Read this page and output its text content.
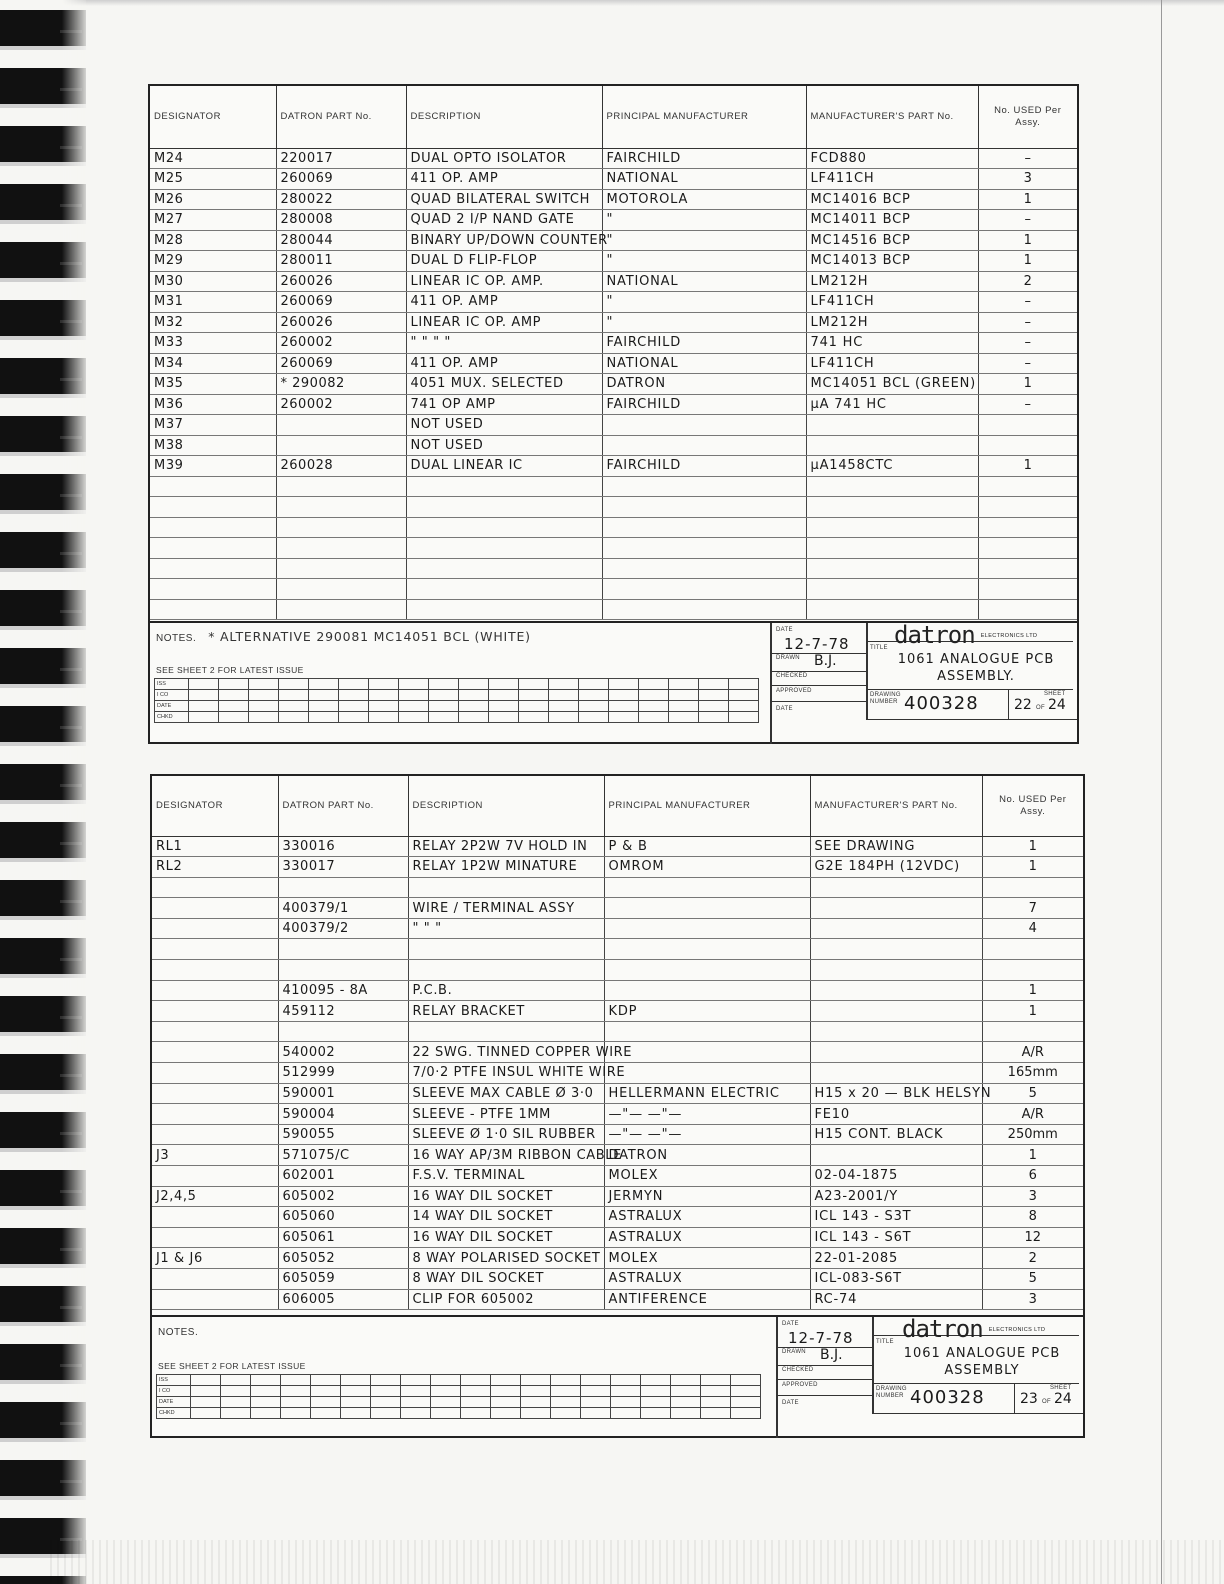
DESIGNATOR	DATRON PART No.	DESCRIPTION	PRINCIPAL MANUFACTURER	MANUFACTURER'S PART No.	No. USED Per Assy.
M24	220017	DUAL OPTO ISOLATOR	FAIRCHILD	FCD880	–
M25	260069	411 OP. AMP	NATIONAL	LF411CH	3
M26	280022	QUAD BILATERAL SWITCH	MOTOROLA	MC14016 BCP	1
M27	280008	QUAD 2 I/P NAND GATE	"	MC14011 BCP	–
M28	280044	BINARY UP/DOWN COUNTER	"	MC14516 BCP	1
M29	280011	DUAL D FLIP-FLOP	"	MC14013 BCP	1
M30	260026	LINEAR IC OP. AMP.	NATIONAL	LM212H	2
M31	260069	411 OP. AMP	"	LF411CH	–
M32	260026	LINEAR IC OP. AMP	"	LM212H	–
M33	260002	" " " "	FAIRCHILD	741 HC	–
M34	260069	411 OP. AMP	NATIONAL	LF411CH	–
M35	* 290082	4051 MUX. SELECTED	DATRON	MC14051 BCL (GREEN)	1
M36	260002	741 OP AMP	FAIRCHILD	µA 741 HC	–
M37		NOT USED			
M38		NOT USED			
M39	260028	DUAL LINEAR IC	FAIRCHILD	µA1458CTC	1

NOTES. * ALTERNATIVE 290081 MC14051 BCL (WHITE)
SEE SHEET 2 FOR LATEST ISSUE
ISS																			
I CO																			
DATE																			
CHKD																			
DATE
12-7-78
DRAWN B.J.
CHECKED
APPROVED
DATE
datron ELECTRONICS LTD
TITLE
1061 ANALOGUE PCB ASSEMBLY.
DRAWING NUMBER 400328	SHEET
22 OF 24
DESIGNATOR	DATRON PART No.	DESCRIPTION	PRINCIPAL MANUFACTURER	MANUFACTURER'S PART No.	No. USED Per Assy.
RL1	330016	RELAY 2P2W 7V HOLD IN	P & B	SEE DRAWING	1
RL2	330017	RELAY 1P2W MINATURE	OMROM	G2E 184PH (12VDC)	1

	400379/1	WIRE / TERMINAL ASSY			7
	400379/2	" " "			4

	410095 - 8A	P.C.B.			1
	459112	RELAY BRACKET	KDP		1

	540002	22 SWG. TINNED COPPER WIRE			A/R
	512999	7/0·2 PTFE INSUL WHITE WIRE			165mm
	590001	SLEEVE MAX CABLE Ø 3·0	HELLERMANN ELECTRIC	H15 x 20 — BLK HELSYN	5
	590004	SLEEVE - PTFE 1MM	—"— —"—	FE10	A/R
	590055	SLEEVE Ø 1·0 SIL RUBBER	—"— —"—	H15 CONT. BLACK	250mm
J3	571075/C	16 WAY AP/3M RIBBON CABLE	DATRON		1
	602001	F.S.V. TERMINAL	MOLEX	02-04-1875	6
J2,4,5	605002	16 WAY DIL SOCKET	JERMYN	A23-2001/Y	3
	605060	14 WAY DIL SOCKET	ASTRALUX	ICL 143 - S3T	8
	605061	16 WAY DIL SOCKET	ASTRALUX	ICL 143 - S6T	12
J1 & J6	605052	8 WAY POLARISED SOCKET	MOLEX	22-01-2085	2
	605059	8 WAY DIL SOCKET	ASTRALUX	ICL-083-S6T	5
	606005	CLIP FOR 605002	ANTIFERENCE	RC-74	3
NOTES.
SEE SHEET 2 FOR LATEST ISSUE
ISS																			
I CO																			
DATE																			
CHKD																			
DATE
12-7-78
DRAWN B.J.
CHECKED
APPROVED
DATE
datron ELECTRONICS LTD
TITLE
1061 ANALOGUE PCB ASSEMBLY
DRAWING NUMBER 400328	SHEET
23 OF 24
